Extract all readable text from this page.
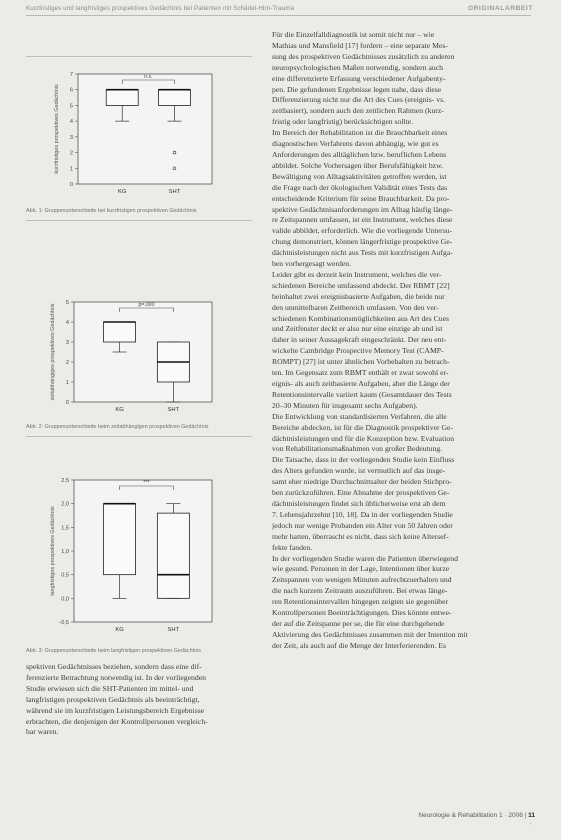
Kurzfristiges und langfristiges prospektives Gedächtnis bei Patienten mit Schädel-Hirn-Trauma	ORIGINALARBEIT
7
6
5
4
3
2
1
0
kurzfristiges prospektives Gedächtnis
KG	SHT
n.s.
Abb. 1: Gruppenunterschiede bei kurzfristigen prospektiven Gedächtnis
5
4
3
2
1
0
zeitabhängiges prospektives Gedächtnis
KG	SHT
p=.000
Abb. 2: Gruppenunterschiede beim zeitabhängigen prospektiven Gedächtnis
2,5
2,0
1,5
1,0
0,5
0,0
-0,5
langfristiges prospektives Gedächtnis
KG	SHT
***
Abb. 3: Gruppenunterschiede beim langfristigen prospektiven Gedächtnis
spektiven Gedächtnisses beziehen, sondern dass eine dif-
ferenzierte Betrachtung notwendig ist. In der vorliegenden
Studie erwiesen sich die SHT-Patienten im mittel- und
langfristigen prospektiven Gedächtnis als beeinträchtigt,
während sie im kurzfristigen Leistungsbereich Ergebnisse
erbrachten, die denjenigen der Kontrollpersonen vergleich-
bar waren.
Für die Einzelfalldiagnostik ist somit nicht nur – wie
Mathias und Mansfield [17] fordern – eine separate Mes-
sung des prospektiven Gedächtnisses zusätzlich zu anderen
neuropsychologischen Maßen notwendig, sondern auch
eine differenzierte Erfassung verschiedener Aufgabenty-
pen. Die gefundenen Ergebnisse legen nahe, dass diese
Differenzierung nicht nur die Art des Cues (ereignis- vs.
zeitbasiert), sondern auch den zeitlichen Rahmen (kurz-
fristig oder langfristig) berücksichtigen sollte.
Im Bereich der Rehabilitation ist die Brauchbarkeit eines
diagnostischen Verfahrens davon abhängig, wie gut es
Anforderungen des alltäglichen bzw. beruflichen Lebens
abbildet. Solche Vorhersagen über Berufsfähigkeit bzw.
Bewältigung von Alltagsaktivitäten getroffen werden, ist
die Frage nach der ökologischen Validität eines Tests das
entscheidende Kriterium für seine Brauchbarkeit. Da pro-
spektive Gedächtnisanforderungen im Alltag häufig länge-
re Zeitspannen umfassen, ist ein Instrument, welches diese
valide abbildet, erforderlich. Wie die vorliegende Untersu-
chung demonstriert, können längerfristige prospektive Ge-
dächtnisleistungen nicht aus Tests mit kurzfristigen Aufga-
ben vorhergesagt werden.
Leider gibt es derzeit kein Instrument, welches die ver-
schiedenen Bereiche umfassend abdeckt. Der RBMT [22]
beinhaltet zwei ereignisbasierte Aufgaben, die beide nur
den unmittelbaren Zeitbereich umfassen. Von den ver-
schiedenen Kombinationsmöglichkeiten aus Art des Cues
und Zeitfenster deckt er also nur eine einzige ab und ist
daher in seiner Aussagekraft eingeschränkt. Der neu ent-
wickelte Cambridge Prospective Memory Test (CAMP-
ROMPT) [27] ist unter ähnlichen Vorbehalten zu betrach-
ten. Im Gegensatz zum RBMT enthält er zwar sowohl er-
eignis- als auch zeitbasierte Aufgaben, aber die Länge der
Retentionsintervalle variiert kaum (Gesamtdauer des Tests
20–30 Minuten für insgesamt sechs Aufgaben).
Die Entwicklung von standardisierten Verfahren, die alle
Bereiche abdecken, ist für die Diagnostik prospektiver Ge-
dächtnisleistungen und für die Konzeption bzw. Evaluation
von Rehabilitationsmaßnahmen von großer Bedeutung.
Die Tatsache, dass in der vorliegenden Studie kein Einfluss
des Alters gefunden wurde, ist vermutlich auf das insge-
samt eher niedrige Durchschnittsalter der beiden Stichpro-
ben zurückzuführen. Eine Abnahme der prospektiven Ge-
dächtnisleistungen findet sich üblicherweise erst ab dem
7. Lebensjahrzehnt [10, 18]. Da in der vorliegenden Studie
jedoch nur wenige Probanden ein Alter von 50 Jahren oder
mehr hatten, überrascht es nicht, dass sich keine Altersef-
fekte fanden.
In der vorliegenden Studie waren die Patienten überwiegend
wie gesund. Personen in der Lage, Intentionen über kurze
Zeitspannen von wenigen Minuten aufrechtzuerhalten und
die nach kurzem Zeitraum auszuführen. Bei etwas länge-
ren Retentionsintervallen hingegen zeigten sie gegenüber
Kontrollpersonen Beeinträchtigungen. Dies könnte entwe-
der auf die Zeitspanne per se, die für eine durchgehende
Aktivierung des Gedächtnisses zusammen mit der Intention mit
der Zeit, als auch auf die Menge der Interferierenden. Es
Neurologie & Rehabilitation 1 · 2006 | 11
'
